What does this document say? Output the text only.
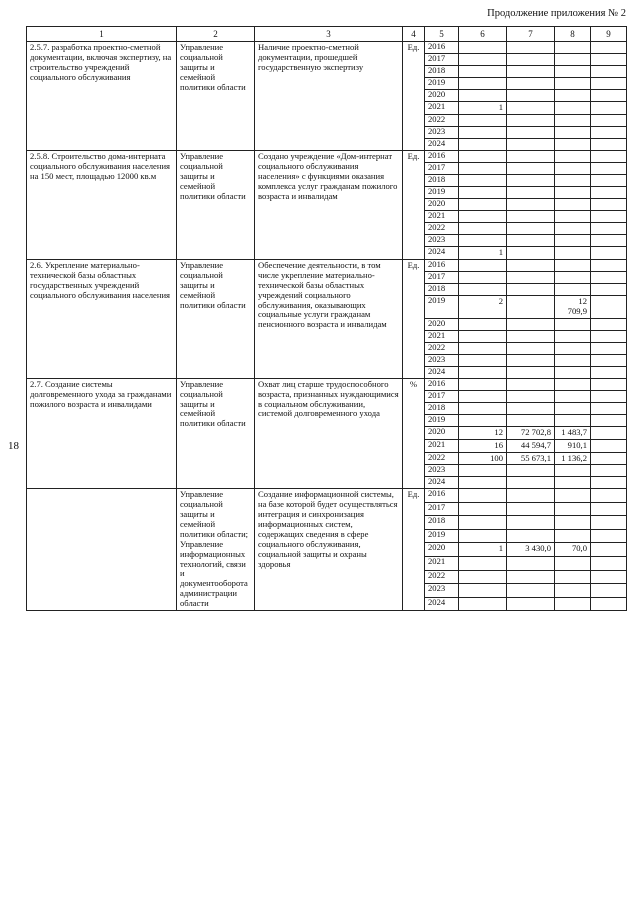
18
Продолжение приложения № 2
1	2	3	4	5	6	7	8	9	
2.5.7. разработка проектно-сметной документации, включая экспертизу, на строительство учреждений социального обслуживания	Управление социальной защиты и семейной политики области	Наличие проектно-сметной документации, прошедшей государственную экспертизу	Ед.	2016					
				2017					
				2018					
				2019					
				2020					
				2021	1				
				2022					
				2023					
				2024					
2.5.8. Строительство дома-интерната социального обслуживания населения на 150 мест, площадью 12000 кв.м	Управление социальной защиты и семейной политики области	Создано учреждение «Дом-интернат социального обслуживания населения» с функциями оказания комплекса услуг гражданам пожилого возраста и инвалидам	Ед.	2016					
				2017					
				2018					
				2019					
				2020					
				2021					
				2022					
				2023					
				2024	1				
2.6. Укрепление материально-технической базы областных государственных учреждений социального обслуживания населения	Управление социальной защиты и семейной политики области	Обеспечение деятельности, в том числе укрепление материально-технической базы областных учреждений социального обслуживания, оказывающих социальные услуги гражданам пенсионного возраста и инвалидам	Ед.	2016					
				2017					
				2018					
				2019	2		12 709,9		
				2020					
				2021					
				2022					
				2023					
				2024					
2.7. Создание системы долговременного ухода за гражданами пожилого возраста и инвалидами	Управление социальной защиты и семейной политики области	Охват лиц старше трудоспособного возраста, признанных нуждающимися в социальном обслуживании, системой долговременного ухода	%	2016					
				2017					
				2018					
				2019					
				2020	12	72 702,8	1 483,7		
				2021	16	44 594,7	910,1		
				2022	100	55 673,1	1 136,2		
				2023					
				2024					
	Управление социальной защиты и семейной политики области; Управление информационных технологий, связи и документооборота администрации области	Создание информационной системы, на базе которой будет осуществляться интеграция и синхронизация информационных систем, содержащих сведения в сфере социального обслуживания, социальной защиты и охраны здоровья	Ед.	2016					
				2017					
				2018					
				2019					
				2020	1	3 430,0	70,0		
				2021					
				2022					
				2023					
				2024					
